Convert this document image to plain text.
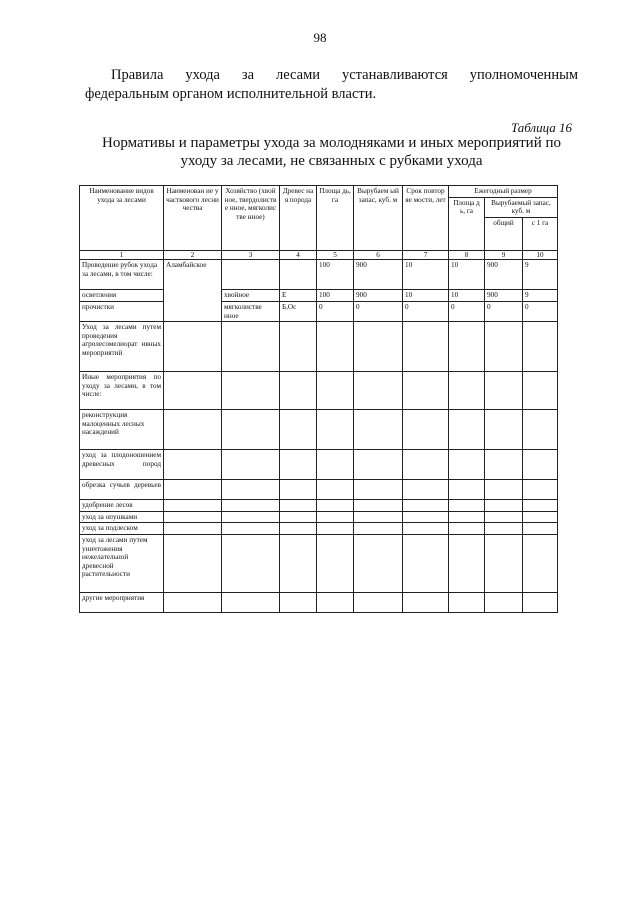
98
Правила ухода за лесами устанавливаются уполномоченным
федеральным органом исполнительной власти.
Таблица 16
Нормативы и параметры ухода за молодняками и иных мероприятий по
уходу за лесами, не связанных с рубками ухода
Наименование видов ухода за лесами	Наименован ие участкового лесничества	Хозяйство (хвойное, твердолистве нное, мягколистве нное)	Древес ная порода	Площа дь, га	Вырубаем ый запас, куб. м	Срок повторяе мости, лет	Ежегодный размер		
							Площа дь, га	Вырубаемый запас, куб. м	
								общий	с 1 га
1	2	3	4	5	6	7	8	9	10
Проведение рубок ухода за лесами, в том числе:	Аламбайское			100	900	10	10	900	9
осветления		хвойное	Е	100	900	10	10	900	9
прочистки		мягколистве нное	Б,Ос	0	0	0	0	0	0
Уход за лесами путем проведения агролесомелиорат ивных мероприятий									
Иные мероприятия по уходу за лесами, в том числе:									
реконструкция малоценных лесных насаждений									
уход за плодоношением древесных пород									
обрезка сучьев деревьев									
удобрение лесов									
уход за опушками									
уход за подлеском									
уход за лесами путем уничтожения нежелательной древесной растительности									
другие мероприятия									
